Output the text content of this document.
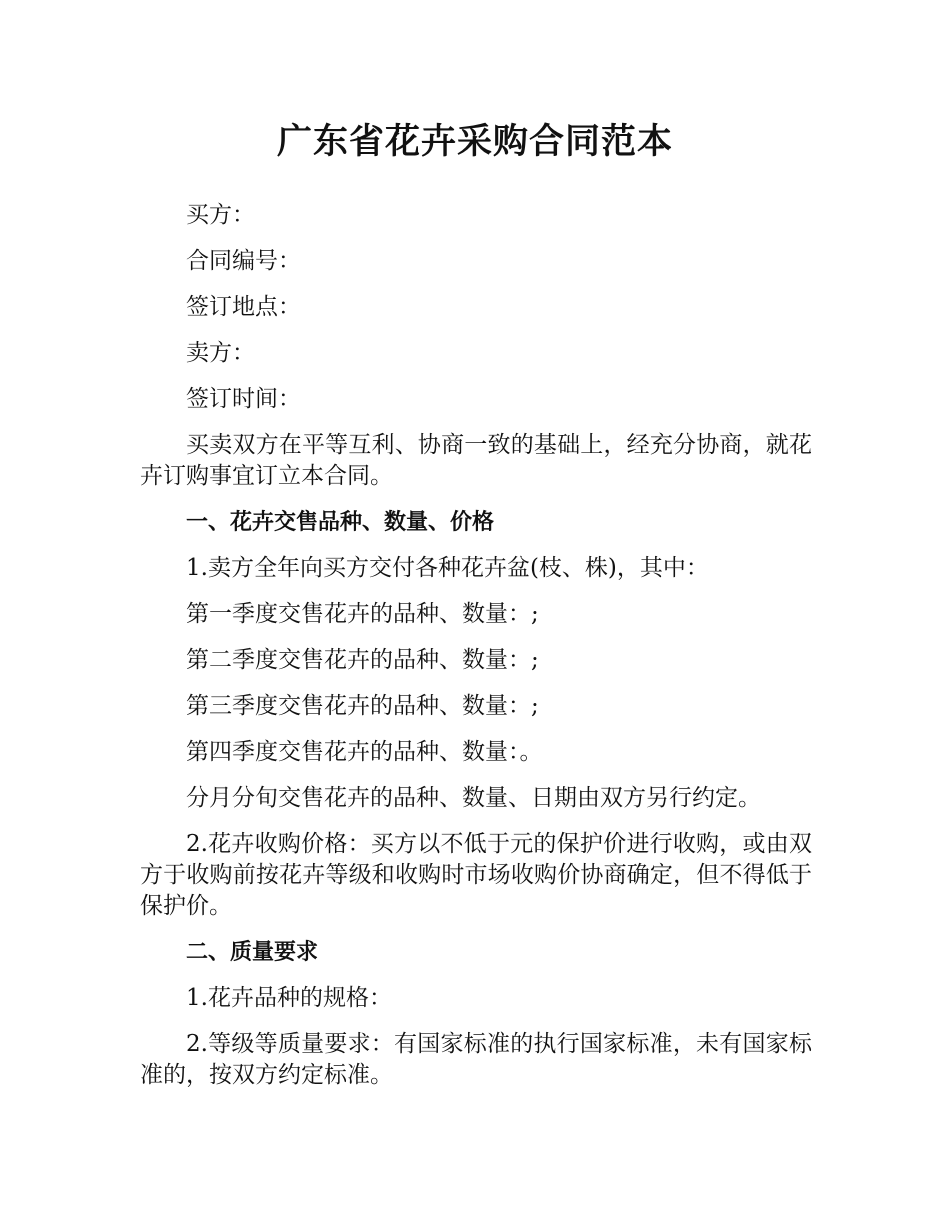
广东省花卉采购合同范本

买方：

合同编号：

签订地点：

卖方：

签订时间：

买卖双方在平等互利、协商一致的基础上，经充分协商，就花卉订购事宜订立本合同。

一、花卉交售品种、数量、价格

1.卖方全年向买方交付各种花卉盆(枝、株)，其中：

第一季度交售花卉的品种、数量：;

第二季度交售花卉的品种、数量：;

第三季度交售花卉的品种、数量：;

第四季度交售花卉的品种、数量：。

分月分旬交售花卉的品种、数量、日期由双方另行约定。

2.花卉收购价格：买方以不低于元的保护价进行收购，或由双方于收购前按花卉等级和收购时市场收购价协商确定，但不得低于保护价。

二、质量要求

1.花卉品种的规格：

2.等级等质量要求：有国家标准的执行国家标准，未有国家标准的，按双方约定标准。
